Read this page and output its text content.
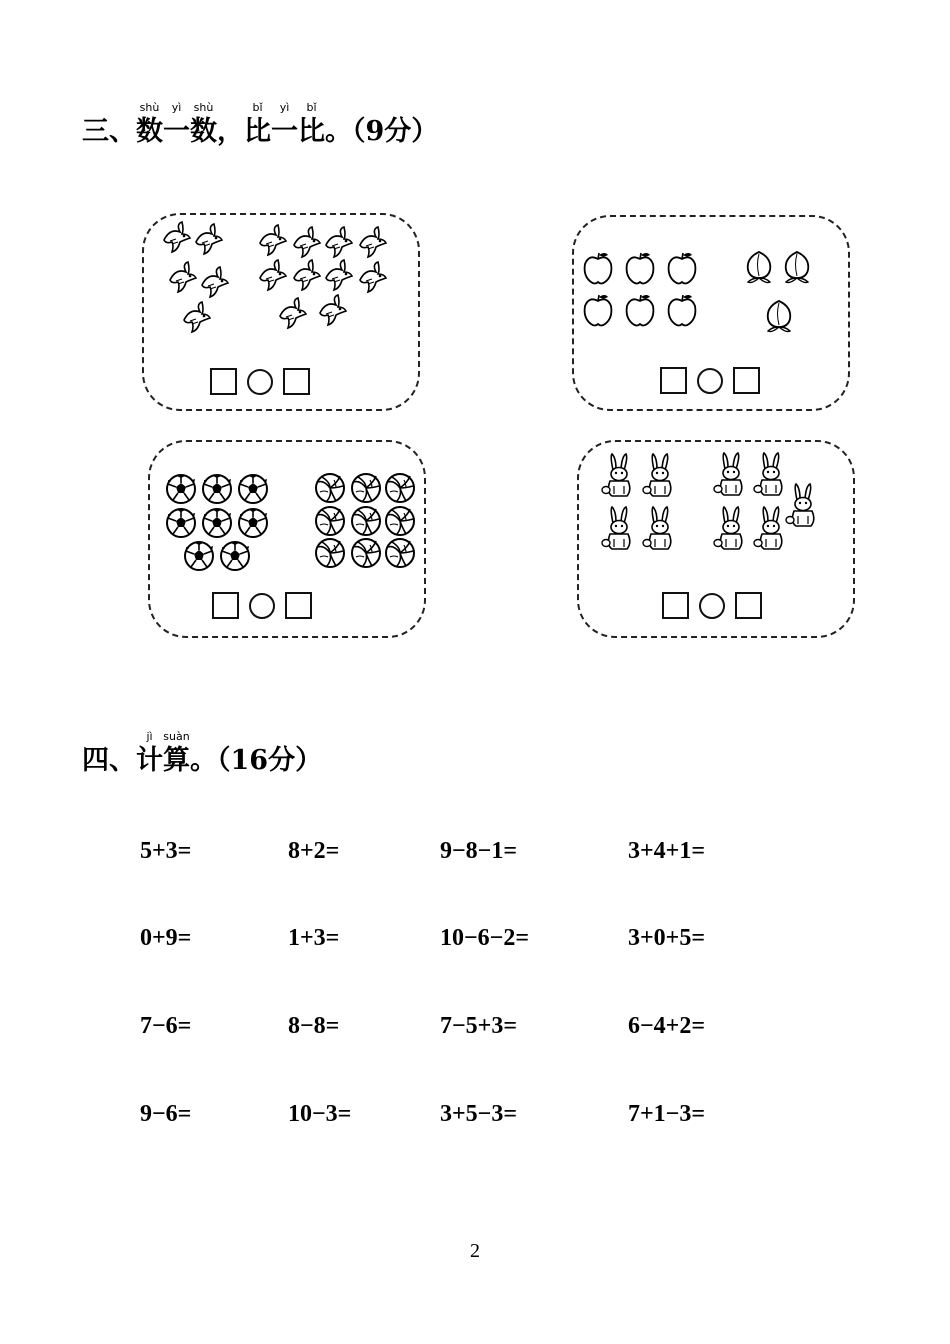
三、数
shù
一
yì
数
shù
，比
bǐ
一
yì
比
bǐ
。（9分）
四、计
jì
算
suàn
。（16分）
5+3=	8+2=	9−8−1=	3+4+1=
0+9=	1+3=	10−6−2=	3+0+5=
7−6=	8−8=	7−5+3=	6−4+2=
9−6=	10−3=	3+5−3=	7+1−3=
2
